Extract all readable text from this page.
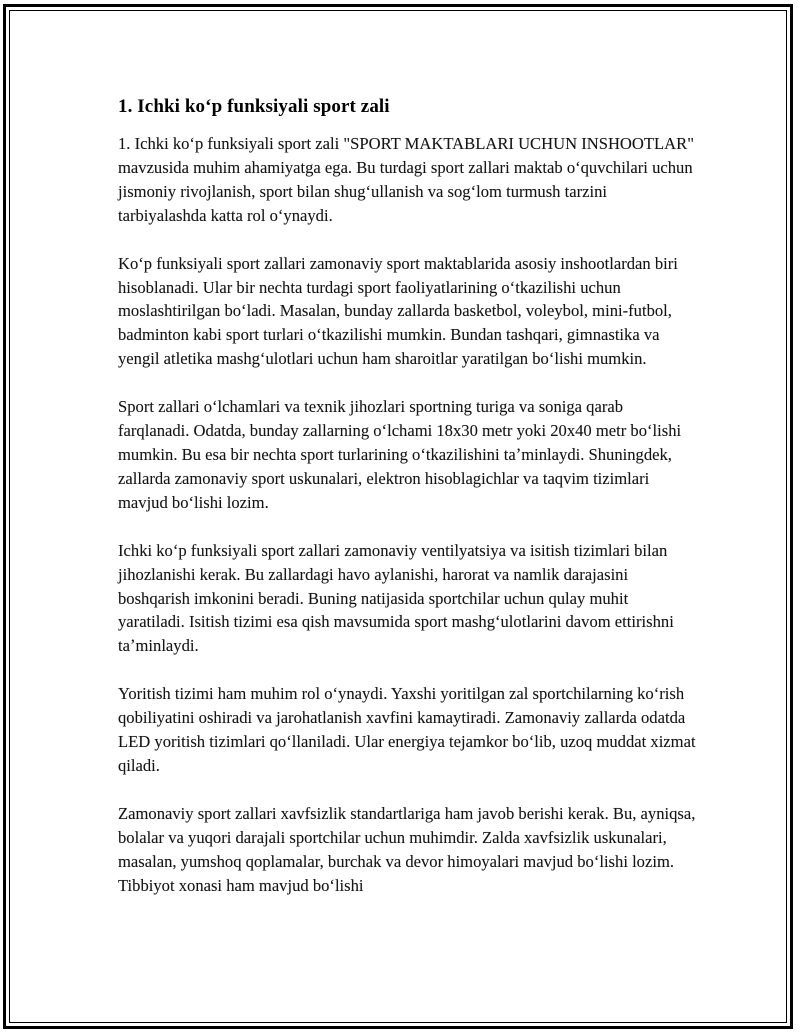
1. Ichki koʻp funksiyali sport zali

1. Ichki koʻp funksiyali sport zali "SPORT MAKTABLARI UCHUN INSHOOTLAR" mavzusida muhim ahamiyatga ega. Bu turdagi sport zallari maktab oʻquvchilari uchun jismoniy rivojlanish, sport bilan shugʻullanish va sogʻlom turmush tarzini tarbiyalashda katta rol oʻynaydi.

Koʻp funksiyali sport zallari zamonaviy sport maktablarida asosiy inshootlardan biri hisoblanadi. Ular bir nechta turdagi sport faoliyatlarining oʻtkazilishi uchun moslashtirilgan boʻladi. Masalan, bunday zallarda basketbol, voleybol, mini-futbol, badminton kabi sport turlari oʻtkazilishi mumkin. Bundan tashqari, gimnastika va yengil atletika mashgʻulotlari uchun ham sharoitlar yaratilgan boʻlishi mumkin.

Sport zallari oʻlchamlari va texnik jihozlari sportning turiga va soniga qarab farqlanadi. Odatda, bunday zallarning oʻlchami 18x30 metr yoki 20x40 metr boʻlishi mumkin. Bu esa bir nechta sport turlarining oʻtkazilishini taʼminlaydi. Shuningdek, zallarda zamonaviy sport uskunalari, elektron hisoblagichlar va taqvim tizimlari mavjud boʻlishi lozim.

Ichki koʻp funksiyali sport zallari zamonaviy ventilyatsiya va isitish tizimlari bilan jihozlanishi kerak. Bu zallardagi havo aylanishi, harorat va namlik darajasini boshqarish imkonini beradi. Buning natijasida sportchilar uchun qulay muhit yaratiladi. Isitish tizimi esa qish mavsumida sport mashgʻulotlarini davom ettirishni taʼminlaydi.

Yoritish tizimi ham muhim rol oʻynaydi. Yaxshi yoritilgan zal sportchilarning koʻrish qobiliyatini oshiradi va jarohatlanish xavfini kamaytiradi. Zamonaviy zallarda odatda LED yoritish tizimlari qoʻllaniladi. Ular energiya tejamkor boʻlib, uzoq muddat xizmat qiladi.

Zamonaviy sport zallari xavfsizlik standartlariga ham javob berishi kerak. Bu, ayniqsa, bolalar va yuqori darajali sportchilar uchun muhimdir. Zalda xavfsizlik uskunalari, masalan, yumshoq qoplamalar, burchak va devor himoyalari mavjud boʻlishi lozim. Tibbiyot xonasi ham mavjud boʻlishi
